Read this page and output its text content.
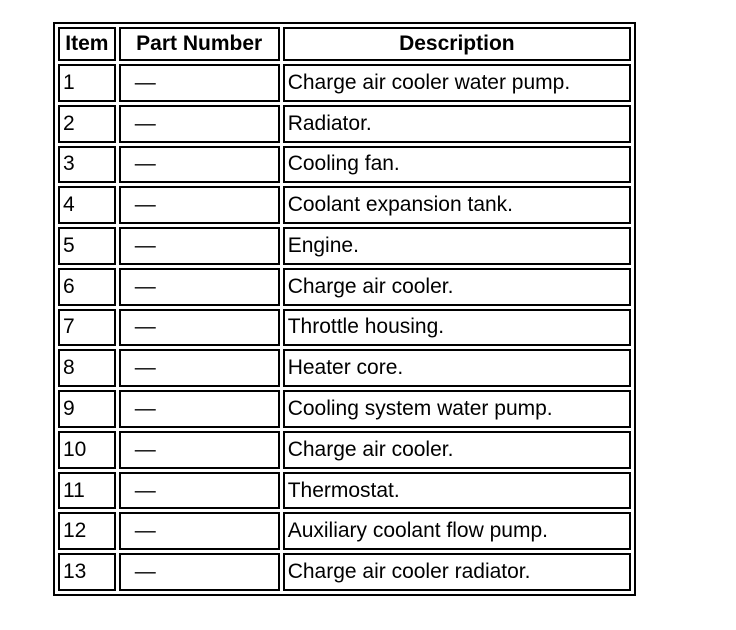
Item	Part Number	Description
1	—	Charge air cooler water pump.
2	—	Radiator.
3	—	Cooling fan.
4	—	Coolant expansion tank.
5	—	Engine.
6	—	Charge air cooler.
7	—	Throttle housing.
8	—	Heater core.
9	—	Cooling system water pump.
10	—	Charge air cooler.
11	—	Thermostat.
12	—	Auxiliary coolant flow pump.
13	—	Charge air cooler radiator.
